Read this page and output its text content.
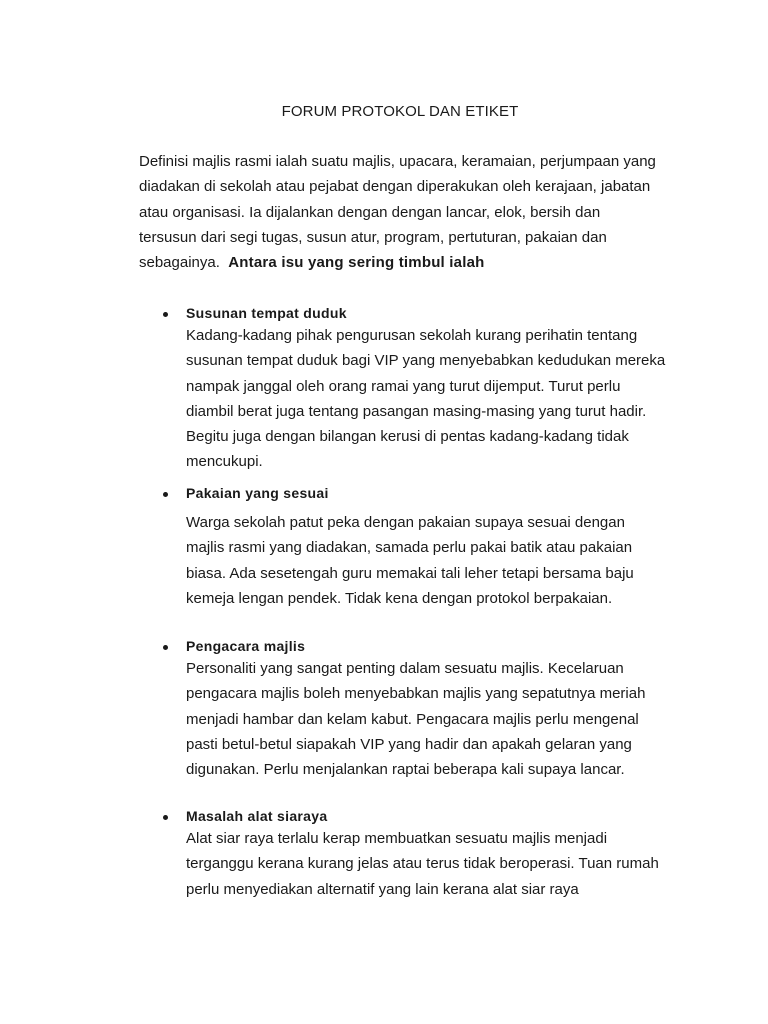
FORUM PROTOKOL DAN ETIKET

Definisi majlis rasmi ialah suatu majlis, upacara, keramaian, perjumpaan yang diadakan di sekolah atau pejabat dengan diperakukan oleh kerajaan, jabatan atau organisasi. Ia dijalankan dengan dengan lancar, elok, bersih dan tersusun dari segi tugas, susun atur, program, pertuturan, pakaian dan sebagainya. Antara isu yang sering timbul ialah

Susunan tempat duduk

Kadang-kadang pihak pengurusan sekolah kurang perihatin tentang susunan tempat duduk bagi VIP yang menyebabkan kedudukan mereka nampak janggal oleh orang ramai yang turut dijemput. Turut perlu diambil berat juga tentang pasangan masing-masing yang turut hadir. Begitu juga dengan bilangan kerusi di pentas kadang-kadang tidak mencukupi.

Pakaian yang sesuai

Warga sekolah patut peka dengan pakaian supaya sesuai dengan majlis rasmi yang diadakan, samada perlu pakai batik atau pakaian biasa. Ada sesetengah guru memakai tali leher tetapi bersama baju kemeja lengan pendek. Tidak kena dengan protokol berpakaian.

Pengacara majlis

Personaliti yang sangat penting dalam sesuatu majlis. Kecelaruan pengacara majlis boleh menyebabkan majlis yang sepatutnya meriah menjadi hambar dan kelam kabut. Pengacara majlis perlu mengenal pasti betul-betul siapakah VIP yang hadir dan apakah gelaran yang digunakan. Perlu menjalankan raptai beberapa kali supaya lancar.

Masalah alat siaraya

Alat siar raya terlalu kerap membuatkan sesuatu majlis menjadi terganggu kerana kurang jelas atau terus tidak beroperasi. Tuan rumah perlu menyediakan alternatif yang lain kerana alat siar raya
